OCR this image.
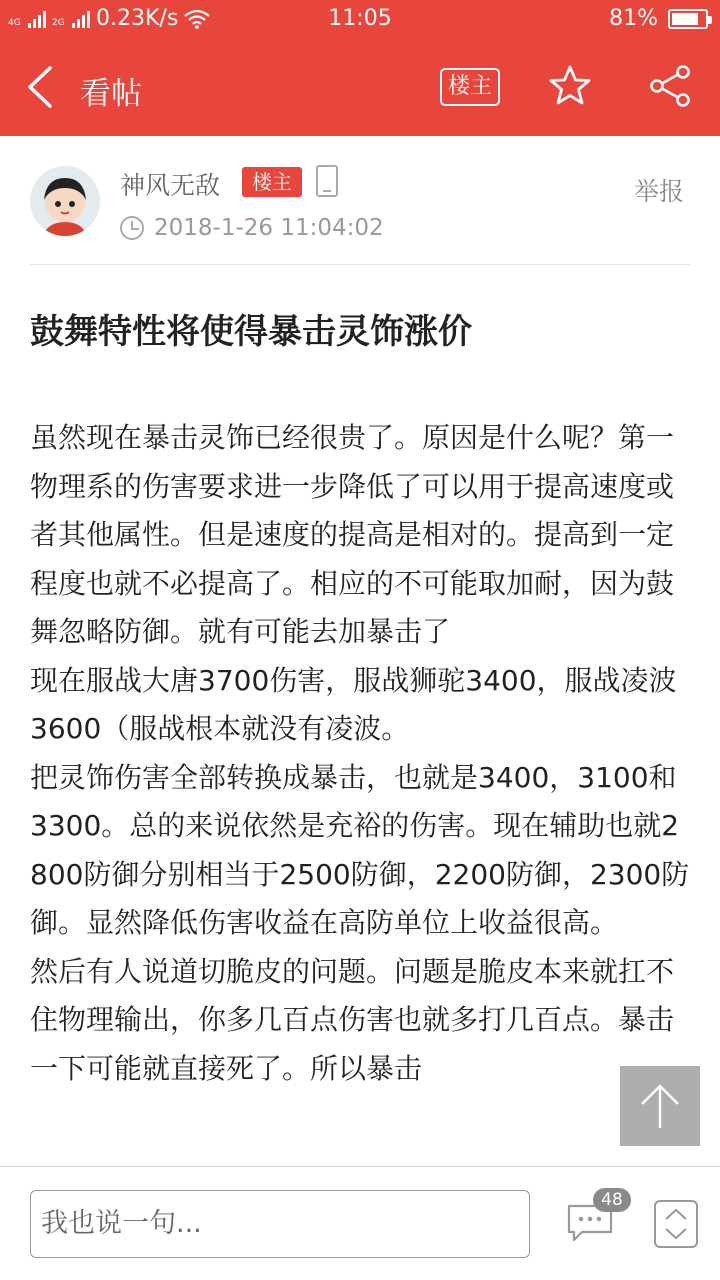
4G	2G 0.23K/s	11:05	81%
看帖	楼主
神风无敌	楼主	举报
2018-1-26 11:04:02
鼓舞特性将使得暴击灵饰涨价

虽然现在暴击灵饰已经很贵了。原因是什么呢？第一物理系的伤害要求进一步降低了可以用于提高速度或者其他属性。但是速度的提高是相对的。提高到一定程度也就不必提高了。相应的不可能取加耐，因为鼓舞忽略防御。就有可能去加暴击了

现在服战大唐3700伤害，服战狮驼3400，服战凌波3600（服战根本就没有凌波。

把灵饰伤害全部转换成暴击，也就是3400，3100和3300。总的来说依然是充裕的伤害。现在辅助也就2800防御分别相当于2500防御，2200防御，2300防御。显然降低伤害收益在高防单位上收益很高。

然后有人说道切脆皮的问题。问题是脆皮本来就扛不住物理输出，你多几百点伤害也就多打几百点。暴击一下可能就直接死了。所以暴击

我也说一句...
48
